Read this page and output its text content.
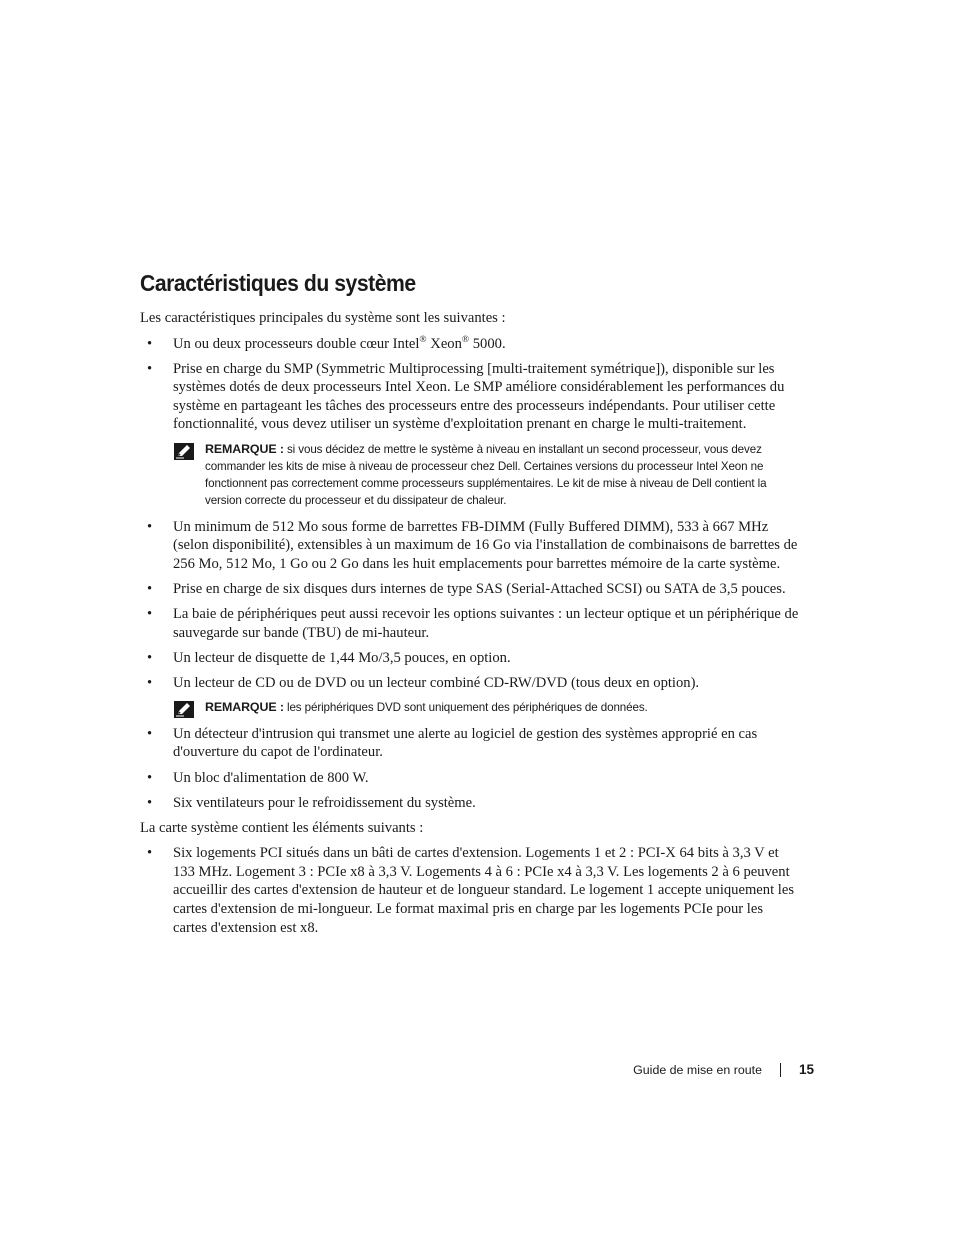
Caractéristiques du système

Les caractéristiques principales du système sont les suivantes :

• Un ou deux processeurs double cœur Intel® Xeon® 5000.
• Prise en charge du SMP (Symmetric Multiprocessing [multi-traitement symétrique]), disponible sur les systèmes dotés de deux processeurs Intel Xeon. Le SMP améliore considérablement les performances du système en partageant les tâches des processeurs entre des processeurs indépendants. Pour utiliser cette fonctionnalité, vous devez utiliser un système d'exploitation prenant en charge le multi-traitement.
REMARQUE : si vous décidez de mettre le système à niveau en installant un second processeur, vous devez commander les kits de mise à niveau de processeur chez Dell. Certaines versions du processeur Intel Xeon ne fonctionnent pas correctement comme processeurs supplémentaires. Le kit de mise à niveau de Dell contient la version correcte du processeur et du dissipateur de chaleur.
• Un minimum de 512 Mo sous forme de barrettes FB-DIMM (Fully Buffered DIMM), 533 à 667 MHz (selon disponibilité), extensibles à un maximum de 16 Go via l'installation de combinaisons de barrettes de 256 Mo, 512 Mo, 1 Go ou 2 Go dans les huit emplacements pour barrettes mémoire de la carte système.
• Prise en charge de six disques durs internes de type SAS (Serial-Attached SCSI) ou SATA de 3,5 pouces.
• La baie de périphériques peut aussi recevoir les options suivantes : un lecteur optique et un périphérique de sauvegarde sur bande (TBU) de mi-hauteur.
• Un lecteur de disquette de 1,44 Mo/3,5 pouces, en option.
• Un lecteur de CD ou de DVD ou un lecteur combiné CD-RW/DVD (tous deux en option).
REMARQUE : les périphériques DVD sont uniquement des périphériques de données.
• Un détecteur d'intrusion qui transmet une alerte au logiciel de gestion des systèmes approprié en cas d'ouverture du capot de l'ordinateur.
• Un bloc d'alimentation de 800 W.
• Six ventilateurs pour le refroidissement du système.

La carte système contient les éléments suivants :

• Six logements PCI situés dans un bâti de cartes d'extension. Logements 1 et 2 : PCI-X 64 bits à 3,3 V et 133 MHz. Logement 3 : PCIe x8 à 3,3 V. Logements 4 à 6 : PCIe x4 à 3,3 V. Les logements 2 à 6 peuvent accueillir des cartes d'extension de hauteur et de longueur standard. Le logement 1 accepte uniquement les cartes d'extension de mi-longueur. Le format maximal pris en charge par les logements PCIe pour les cartes d'extension est x8.
Guide de mise en route	15
